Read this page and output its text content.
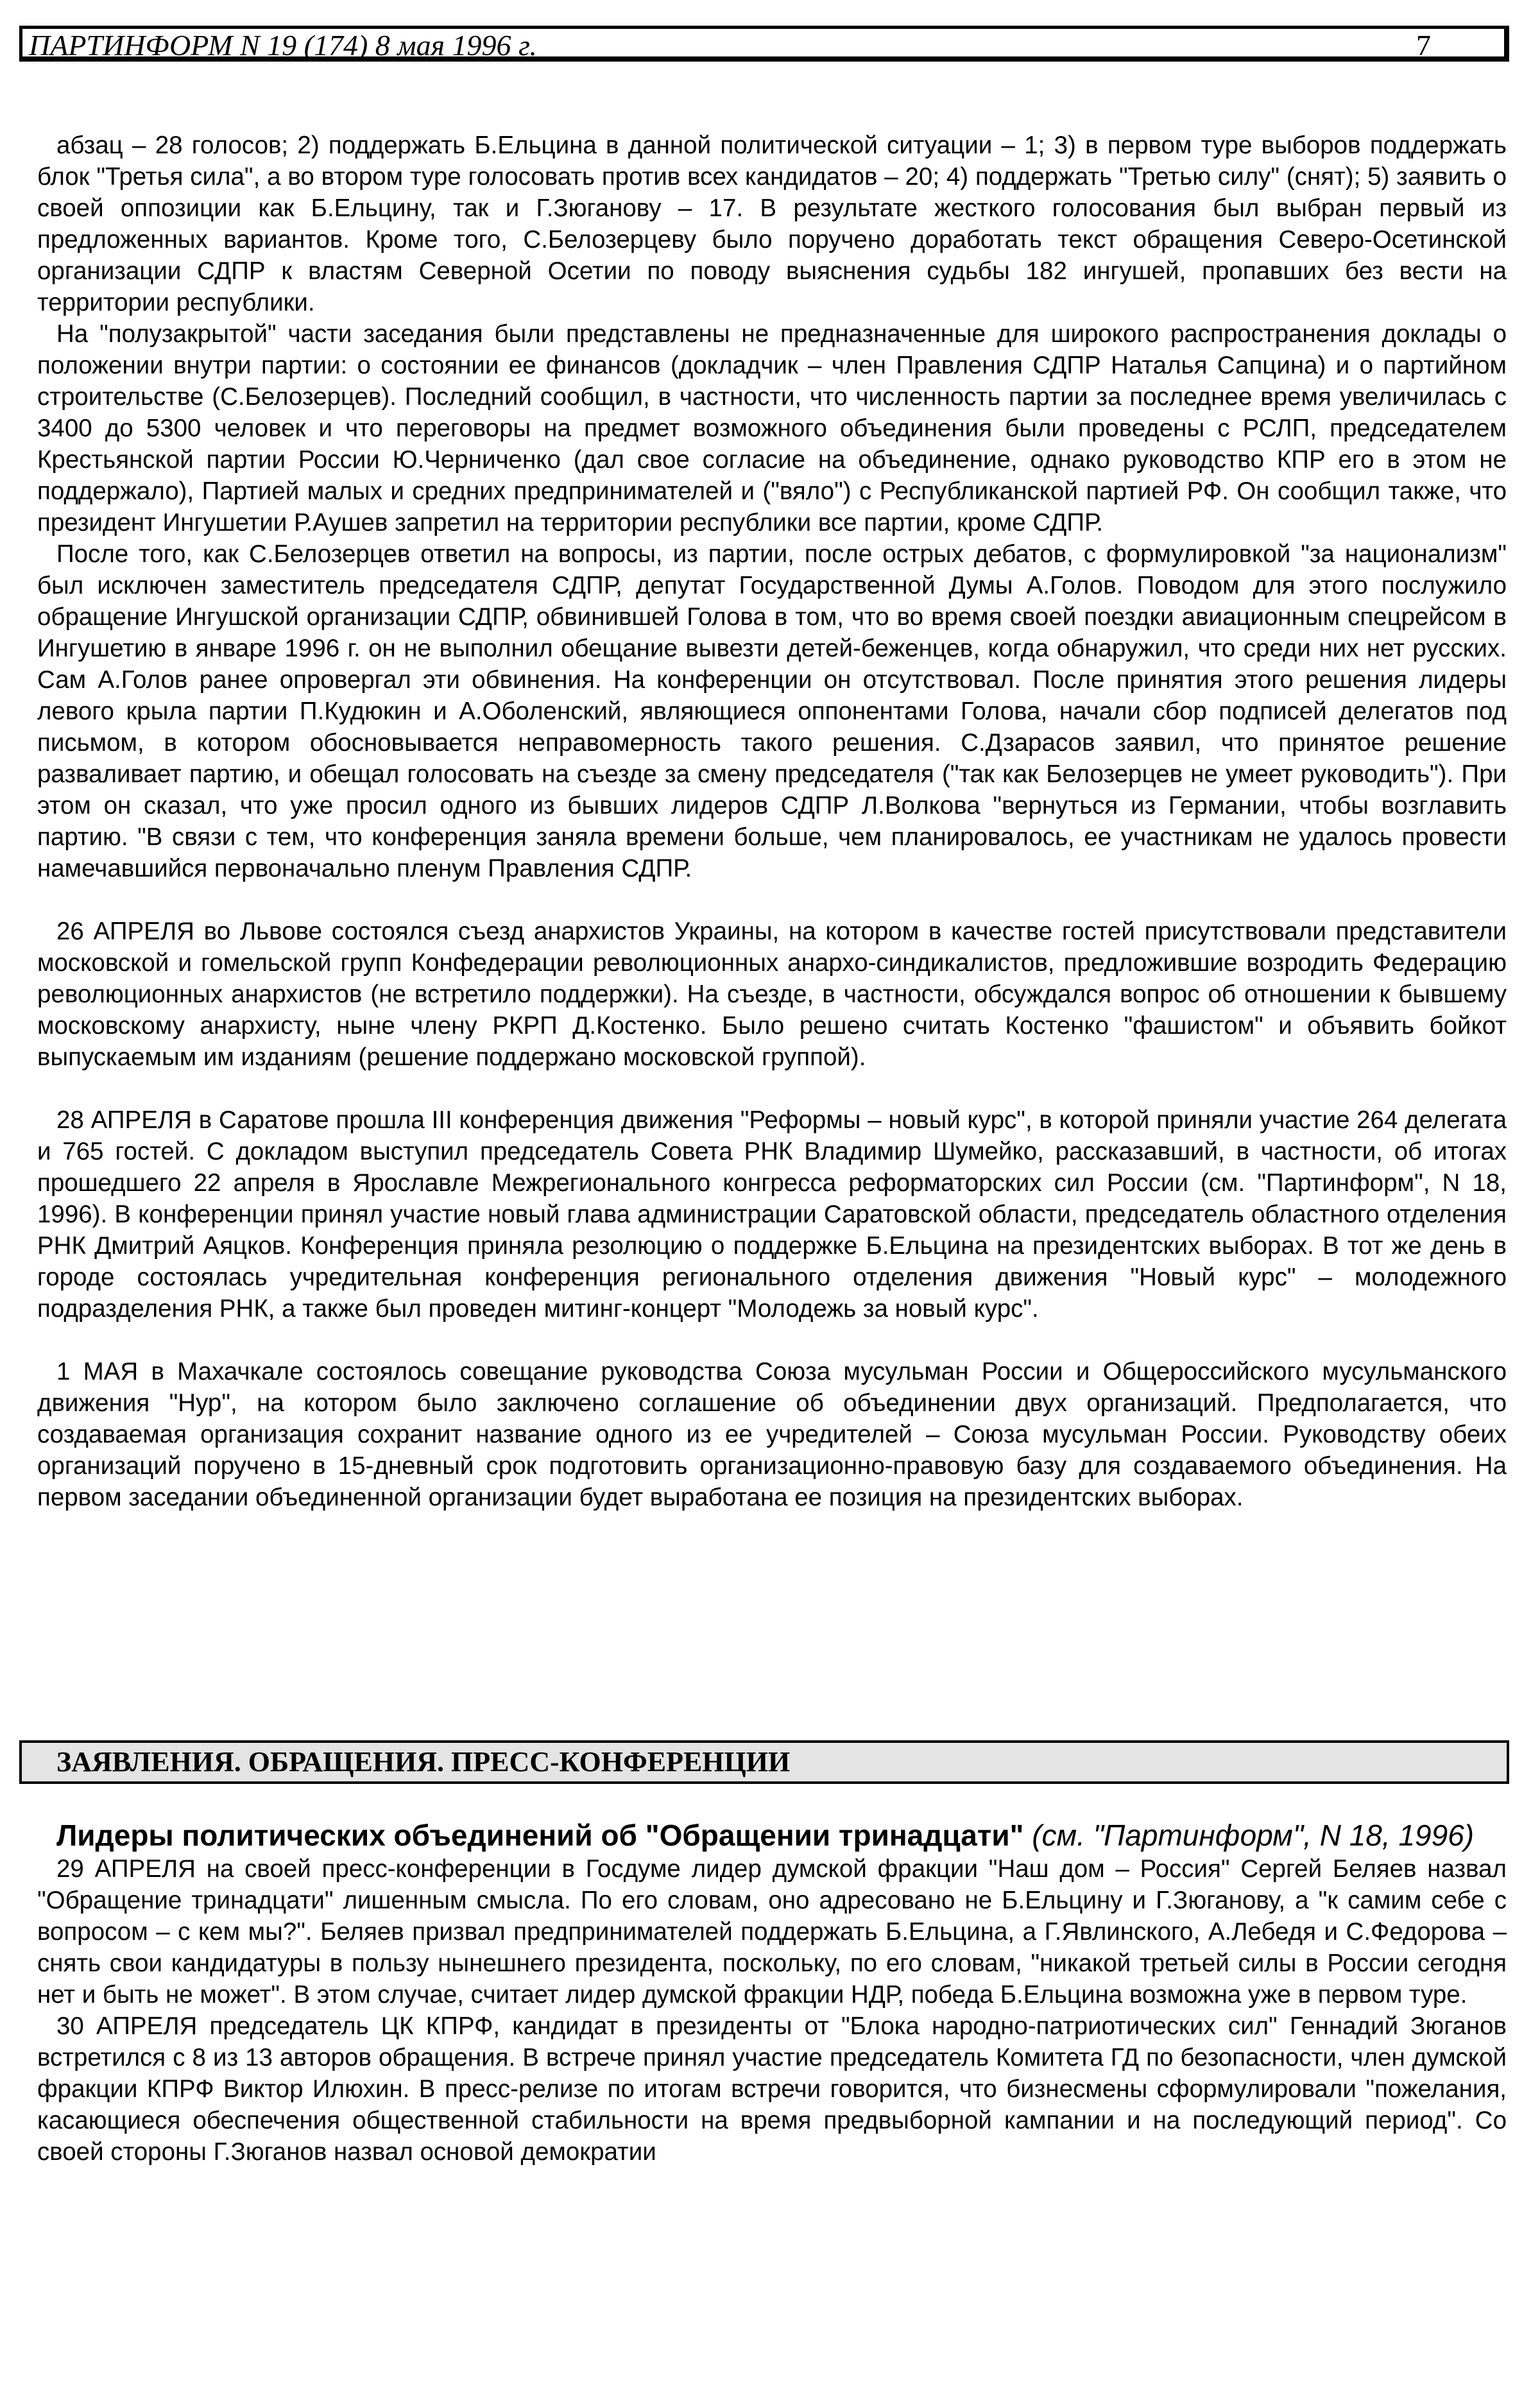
ПАРТИНФОРМ N 19 (174) 8 мая 1996 г.	7

абзац – 28 голосов; 2) поддержать Б.Ельцина в данной политической ситуации – 1; 3) в первом туре выборов поддержать блок "Третья сила", а во втором туре голосовать против всех кандидатов – 20; 4) поддержать "Третью силу" (снят); 5) заявить о своей оппозиции как Б.Ельцину, так и Г.Зюганову – 17. В результате жесткого голосования был выбран первый из предложенных вариантов. Кроме того, С.Белозерцеву было поручено доработать текст обращения Северо-Осетинской организации СДПР к властям Северной Осетии по поводу выяснения судьбы 182 ингушей, пропавших без вести на территории республики.

На "полузакрытой" части заседания были представлены не предназначенные для широкого распространения доклады о положении внутри партии: о состоянии ее финансов (докладчик – член Правления СДПР Наталья Сапцина) и о партийном строительстве (С.Белозерцев). Последний сообщил, в частности, что численность партии за последнее время увеличилась с 3400 до 5300 человек и что переговоры на предмет возможного объединения были проведены с РСЛП, председателем Крестьянской партии России Ю.Черниченко (дал свое согласие на объединение, однако руководство КПР его в этом не поддержало), Партией малых и средних предпринимателей и ("вяло") с Республиканской партией РФ. Он сообщил также, что президент Ингушетии Р.Аушев запретил на территории республики все партии, кроме СДПР.

После того, как С.Белозерцев ответил на вопросы, из партии, после острых дебатов, с формулировкой "за национализм" был исключен заместитель председателя СДПР, депутат Государственной Думы А.Голов. Поводом для этого послужило обращение Ингушской организации СДПР, обвинившей Голова в том, что во время своей поездки авиационным спецрейсом в Ингушетию в январе 1996 г. он не выполнил обещание вывезти детей-беженцев, когда обнаружил, что среди них нет русских. Сам А.Голов ранее опровергал эти обвинения. На конференции он отсутствовал. После принятия этого решения лидеры левого крыла партии П.Кудюкин и А.Оболенский, являющиеся оппонентами Голова, начали сбор подписей делегатов под письмом, в котором обосновывается неправомерность такого решения. С.Дзарасов заявил, что принятое решение разваливает партию, и обещал голосовать на съезде за смену председателя ("так как Белозерцев не умеет руководить"). При этом он сказал, что уже просил одного из бывших лидеров СДПР Л.Волкова "вернуться из Германии, чтобы возглавить партию. "В связи с тем, что конференция заняла времени больше, чем планировалось, ее участникам не удалось провести намечавшийся первоначально пленум Правления СДПР.

26 АПРЕЛЯ во Львове состоялся съезд анархистов Украины, на котором в качестве гостей присутствовали представители московской и гомельской групп Конфедерации революционных анархо-синдикалистов, предложившие возродить Федерацию революционных анархистов (не встретило поддержки). На съезде, в частности, обсуждался вопрос об отношении к бывшему московскому анархисту, ныне члену РКРП Д.Костенко. Было решено считать Костенко "фашистом" и объявить бойкот выпускаемым им изданиям (решение поддержано московской группой).

28 АПРЕЛЯ в Саратове прошла III конференция движения "Реформы – новый курс", в которой приняли участие 264 делегата и 765 гостей. С докладом выступил председатель Совета РНК Владимир Шумейко, рассказавший, в частности, об итогах прошедшего 22 апреля в Ярославле Межрегионального конгресса реформаторских сил России (см. "Партинформ", N 18, 1996). В конференции принял участие новый глава администрации Саратовской области, председатель областного отделения РНК Дмитрий Аяцков. Конференция приняла резолюцию о поддержке Б.Ельцина на президентских выборах. В тот же день в городе состоялась учредительная конференция регионального отделения движения "Новый курс" – молодежного подразделения РНК, а также был проведен митинг-концерт "Молодежь за новый курс".

1 МАЯ в Махачкале состоялось совещание руководства Союза мусульман России и Общероссийского мусульманского движения "Нур", на котором было заключено соглашение об объединении двух организаций. Предполагается, что создаваемая организация сохранит название одного из ее учредителей – Союза мусульман России. Руководству обеих организаций поручено в 15-дневный срок подготовить организационно-правовую базу для создаваемого объединения. На первом заседании объединенной организации будет выработана ее позиция на президентских выборах.

ЗАЯВЛЕНИЯ. ОБРАЩЕНИЯ. ПРЕСС-КОНФЕРЕНЦИИ

Лидеры политических объединений об "Обращении тринадцати" (см. "Партинформ", N 18, 1996)

29 АПРЕЛЯ на своей пресс-конференции в Госдуме лидер думской фракции "Наш дом – Россия" Сергей Беляев назвал "Обращение тринадцати" лишенным смысла. По его словам, оно адресовано не Б.Ельцину и Г.Зюганову, а "к самим себе с вопросом – с кем мы?". Беляев призвал предпринимателей поддержать Б.Ельцина, а Г.Явлинского, А.Лебедя и С.Федорова – снять свои кандидатуры в пользу нынешнего президента, поскольку, по его словам, "никакой третьей силы в России сегодня нет и быть не может". В этом случае, считает лидер думской фракции НДР, победа Б.Ельцина возможна уже в первом туре.

30 АПРЕЛЯ председатель ЦК КПРФ, кандидат в президенты от "Блока народно-патриотических сил" Геннадий Зюганов встретился с 8 из 13 авторов обращения. В встрече принял участие председатель Комитета ГД по безопасности, член думской фракции КПРФ Виктор Илюхин. В пресс-релизе по итогам встречи говорится, что бизнесмены сформулировали "пожелания, касающиеся обеспечения общественной стабильности на время предвыборной кампании и на последующий период". Со своей стороны Г.Зюганов назвал основой демократии
